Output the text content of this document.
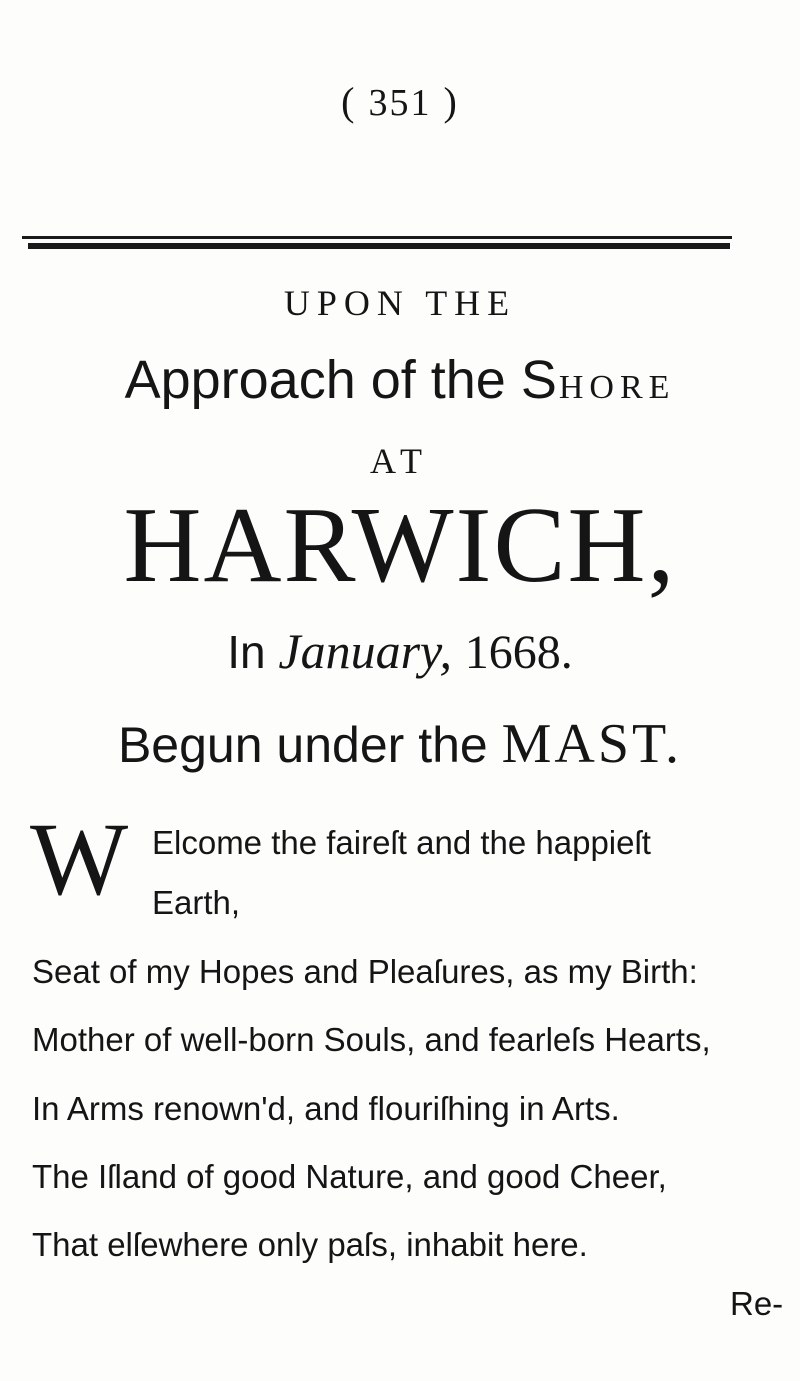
( 351 )
UPON THE
Approach of the SHORE
AT
HARWICH,
In January, 1668.
Begun under the MAST.
W Elcome the faireſt and the happieſt
Earth,
Seat of my Hopes and Pleaſures, as my Birth:
Mother of well-born Souls, and fearleſs Hearts,
In Arms renown'd, and flouriſhing in Arts.
The Iſland of good Nature, and good Cheer,
That elſewhere only paſs, inhabit here.
Re-
